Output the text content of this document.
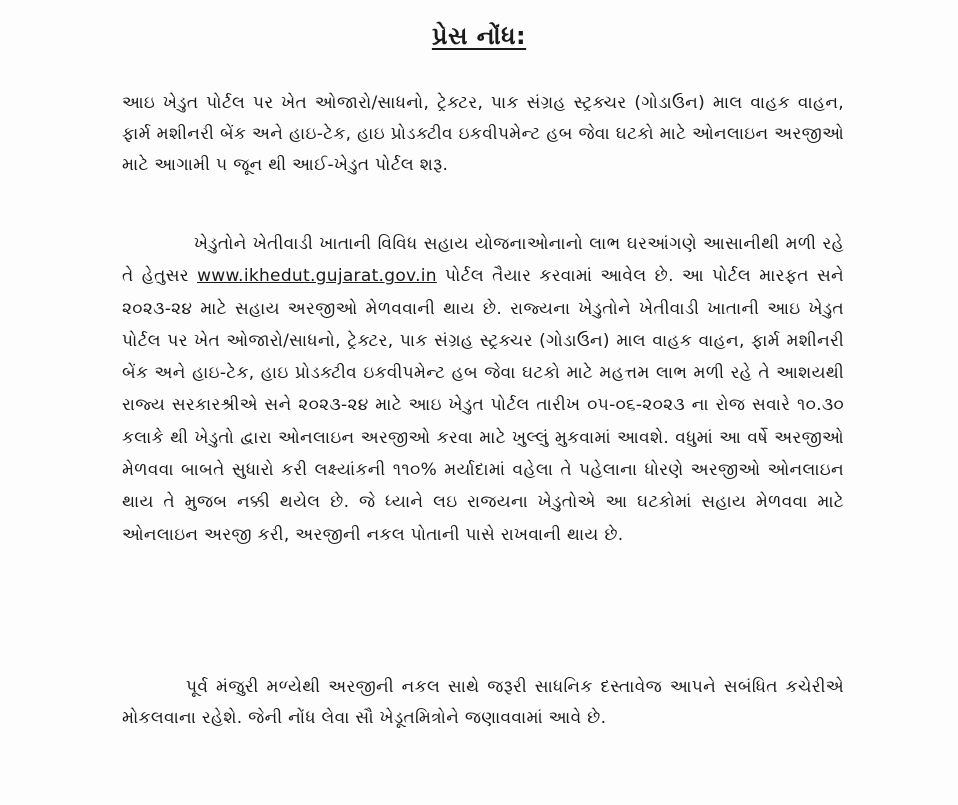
પ્રેસ નોંધ:

આઇ ખેડુત પોર્ટલ પર ખેત ઓજારો/સાધનો, ટ્રેક્ટર, પાક સંગ્રહ સ્ટ્રક્ચર (ગોડાઉન) માલ વાહક વાહન, ફાર્મ મશીનરી બેંક અને હાઇ-ટેક, હાઇ પ્રોડક્ટીવ ઇકવીપમેન્ટ હબ જેવા ઘટકો માટે ઓનલાઇન અરજીઓ માટે આગામી ૫ જૂન થી આઈ-ખેડુત પોર્ટલ શરૂ.

ખેડુતોને ખેતીવાડી ખાતાની વિવિધ સહાય યોજનાઓનાનો લાભ ઘરઆંગણે આસાનીથી મળી રહે તે હેતુસર www.ikhedut.gujarat.gov.in પોર્ટલ તૈયાર કરવામાં આવેલ છે. આ પોર્ટલ મારફત સને ૨૦૨૩-૨૪ માટે સહાય અરજીઓ મેળવવાની થાય છે. રાજ્યના ખેડુતોને ખેતીવાડી ખાતાની આઇ ખેડુત પોર્ટલ પર ખેત ઓજારો/સાધનો, ટ્રેક્ટર, પાક સંગ્રહ સ્ટ્રક્ચર (ગોડાઉન) માલ વાહક વાહન, ફાર્મ મશીનરી બેંક અને હાઇ-ટેક, હાઇ પ્રોડક્ટીવ ઇકવીપમેન્ટ હબ જેવા ઘટકો માટે મહત્તમ લાભ મળી રહે તે આશયથી રાજ્ય સરકારશ્રીએ સને ૨૦૨૩-૨૪ માટે આઇ ખેડુત પોર્ટલ તારીખ ૦૫-૦૬-૨૦૨૩ ના રોજ સવારે ૧૦.૩૦ કલાકે થી ખેડુતો દ્વારા ઓનલાઇન અરજીઓ કરવા માટે ખુલ્લું મુકવામાં આવશે. વધુમાં આ વર્ષે અરજીઓ મેળવવા બાબતે સુધારો કરી લક્ષ્યાંકની ૧૧૦% મર્યાદામાં વહેલા તે પહેલાના ધોરણે અરજીઓ ઓનલાઇન થાય તે મુજબ નક્કી થયેલ છે. જે ધ્યાને લઇ રાજયના ખેડુતોએ આ ઘટકોમાં સહાય મેળવવા માટે ઓનલાઇન અરજી કરી, અરજીની નકલ પોતાની પાસે રાખવાની થાય છે.

પૂર્વ મંજુરી મળ્યેથી અરજીની નકલ સાથે જરૂરી સાધનિક દસ્તાવેજ આપને સબંધિત કચેરીએ મોકલવાના રહેશે. જેની નોંધ લેવા સૌ ખેડૂતમિત્રોને જણાવવામાં આવે છે.
